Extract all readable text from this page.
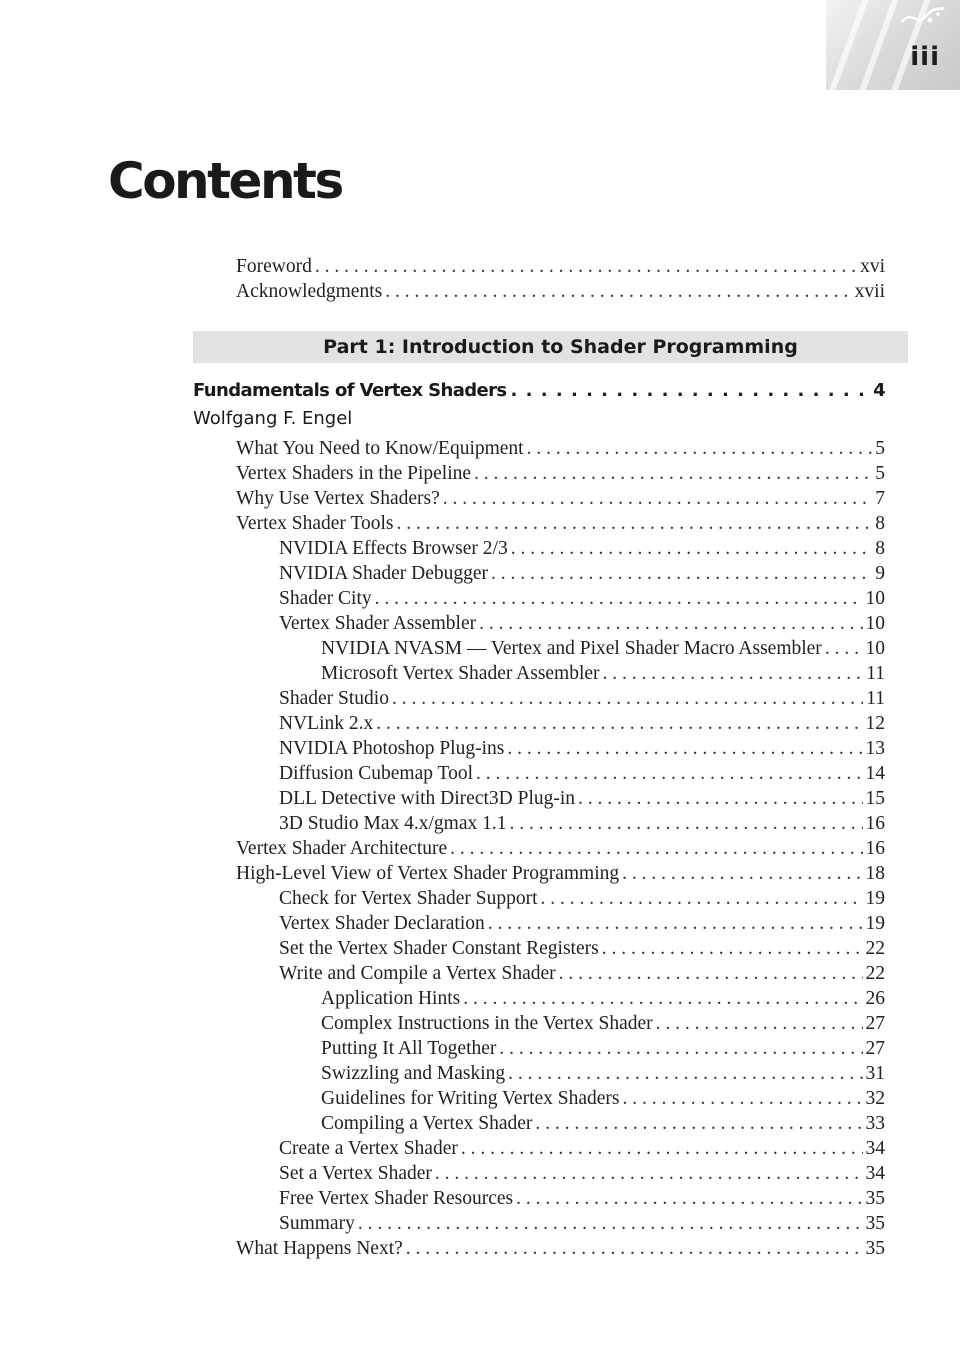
iii
Contents
Foreword . . .	xvi
Acknowledgments . . .	xvii
Part 1: Introduction to Shader Programming
Fundamentals of Vertex Shaders . . .	4
Wolfgang F. Engel
What You Need to Know/Equipment . . .	5
Vertex Shaders in the Pipeline . . .	5
Why Use Vertex Shaders? . . .	7
Vertex Shader Tools . . .	8
NVIDIA Effects Browser 2/3 . . .	8
NVIDIA Shader Debugger . . .	9
Shader City . . .	10
Vertex Shader Assembler . . .	10
NVIDIA NVASM — Vertex and Pixel Shader Macro Assembler . . . 10
Microsoft Vertex Shader Assembler . . .	11
Shader Studio . . .	11
NVLink 2.x . . .	12
NVIDIA Photoshop Plug-ins . . .	13
Diffusion Cubemap Tool . . .	14
DLL Detective with Direct3D Plug-in . . .	15
3D Studio Max 4.x/gmax 1.1 . . .	16
Vertex Shader Architecture . . .	16
High-Level View of Vertex Shader Programming . . .	18
Check for Vertex Shader Support . . .	19
Vertex Shader Declaration . . .	19
Set the Vertex Shader Constant Registers . . .	22
Write and Compile a Vertex Shader . . .	22
Application Hints . . .	26
Complex Instructions in the Vertex Shader . . .	27
Putting It All Together . . .	27
Swizzling and Masking . . .	31
Guidelines for Writing Vertex Shaders . . .	32
Compiling a Vertex Shader . . .	33
Create a Vertex Shader . . .	34
Set a Vertex Shader . . .	34
Free Vertex Shader Resources . . .	35
Summary . . .	35
What Happens Next? . . .	35
